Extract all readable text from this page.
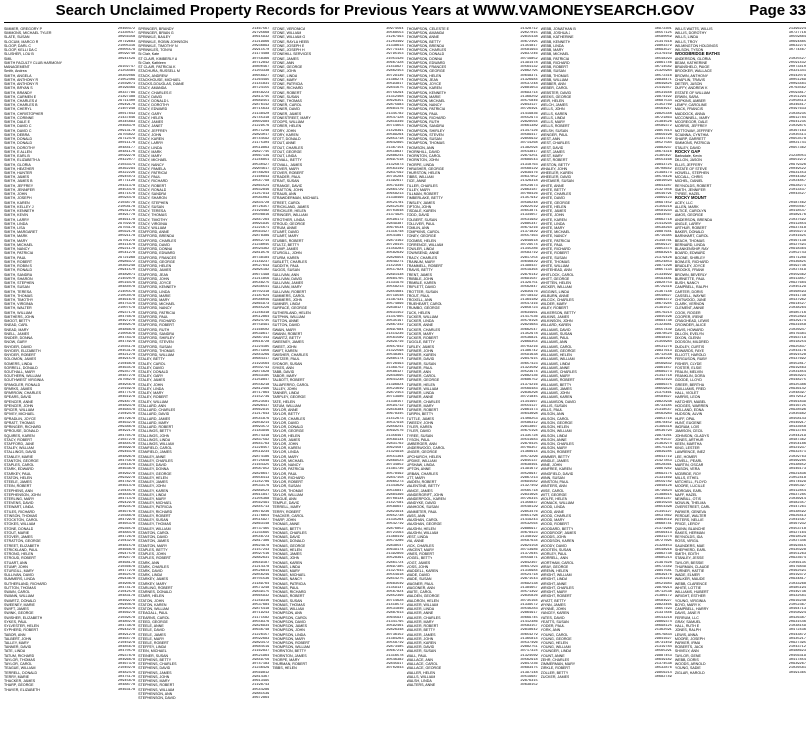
Search Unclaimed Property Records for Previous Years at WWW.VAMONEYSEARCH.GOV	Page 33
SIMMER, GREGORY P	20460372
SIMMONS, MICHAEL TYLER	21330547
SLATE, SUSAN	30956358
SLOCUM, MARCO R	20719683
SLOOP, DARL C	21005316
SLOOP, KELLI DA C	20005578
SLUSHER, LOU B	30599748
SMIL	30941529
SMITH FACULTY CLUB HARMONY
MANAGEMENT	29102747
Smith, Andrea	21258484
SMITH, ANGELA	30302066
SMITH, ANTHONY R	21052409
SMITH, ANTHONY R	21039071
SMITH, BRYAN S	30196469
SMITH, BRANDY	30337789
SMITH, CARMEN E	21397388
SMITH, CHARLES A	29711400
SMITH, CHARLES B	20949178
SMITH, CHERYL	21407948
SMITH, CHRISTOPHER	30017843
SMITH, CORINNE	21437846
SMITH, DALE E	30345893
SMITH, DAVID C	20468370
SMITH, DAVID C	20913178
SMITH, DEBRA	29703822
SMITH, DONALD	29712478
SMITH, DONALD	30011178
SMITH, DOROTHY	30484177
SMITH, E ALLEN	30481176
SMITH, EARL B	30599278
SMITH, ELIZABETH A	20422077
SMITH, GLORIA	21033374
SMITH, HEATHER	30362294
SMITH, HUNTER	30322226
SMITH, JAMES	20945073
SMITH, JAMES B	30771128
SMITH, JEFFREY	20431378
SMITH, JENNIFER	30454478
SMITH, JOHN	30471578
SMITH, JOSEPH	30594478
SMITH, KAREN	21038778
SMITH, KELLEY J	21058178
SMITH, KENNETH	20931276
SMITH, KEVIN	30491778
SMITH, LARRY	30461178
SMITH, LINDA	29702978
SMITH, LISA	29703178
SMITH, MARGARET	30562178
SMITH, MARK	30591178
SMITH, MARY	29701278
SMITH, MICHAEL	30411878
SMITH, NANCY	20921178
SMITH, PATRICIA	30541278
SMITH, PAUL	29721968
SMITH, ROBERT	20986372
SMITH, ROBIN S	30365248
SMITH, RONALD	20941570
SMITH, SANDRA	30489071
SMITH, SHARON	21402070
SMITH, STEPHEN	30516478
SMITH, SUSAN	30484078
SMITH, TERESA	21405578
SMITH, THOMAS	21054078
SMITH, TIMOTHY	30461678
SMITH, VIRGINIA	30475378
SMITH, WALTER	21007578
SMITH, WILLIAM	20937178
SMITHERS, JOHN	30476878
SMOOT, BETTY	30497278
SNEAD, CARL	30469578
SNEAD, MARY	30486878
SNELL, JAMES	21005878
SNIDER, DONNA	30478378
SNOW, GARY	30474978
SNYDER, DAVID	21035178
SNYDER, ELIZABETH	20453178
SNYDER, ROBERT	30421278
SOLOMON, JAMES	30491578
SOMERS, LINDA	21046878
SORRELL, DONALD	30463578
SOUTHALL, MARY	20935778
SOUTHERN, WILLIAM	30487278
SOUTHWEST VIRGINIA	29708278
SPANGLER, RONALD	30495678
SPARKS, JAMES	21016978
SPARROW, CHARLES	30477578
SPEARS, DAVID	30461978
SPENCER, ANNE	20948778
SPENCER, JOHN	30489378
SPICER, WILLIAM	30468478
SPIVEY, MICHAEL	21049478
SPRADLIN, JOYCE	30479678
SPRATT, THOMAS	30463278
SPRINGER, RICHARD	20938878
SPROUSE, DONALD	30492178
SQUIRES, KAREN	30476578
STACY, ROBERT	21037278
STAFFORD, JANE	30484578
STALEY, WILLIAM	30469978
STALLINGS, DAVID	20946378
STANLEY, MARIE	30489678
STANTON, GEORGE	30475878
STAPLES, CAROL	21041878
STARK, EDWARD	30463878
STARKEY, PAUL	30496278
STATON, HELEN	20939278
STEELE, JAMES	30478278
STEIN, ROBERT	30461478
STEPHENS, ANN	21044578
STEPHENSON, JOHN	30484878
STERLING, MARY	30471478
STEVENS, DAVID	20942978
STEWART, LINDA	30493578
STILES, RICHARD	30467678
STINSON, THOMAS	21038878
STOCKTON, CAROL	30479978
STOKES, WILLIAM	30465378
STONE, DONALD	20936578
STOUT, MARIE	30488478
STOVER, JAMES	30472678
STRATTON, GEORGE	21043278
STREET, ELIZABETH	30481578
STRICKLAND, PAUL	30466878
STRONG, HELEN	20947578
STROUD, ROBERT	30494778
STUART, ANN	30468178
STUMP, JOHN	21036678
STURGILL, MARY	30477278
SULLIVAN, DAVID	30462578
SUMMERS, LINDA	20943678
SUTHERLAND, RICHARD	30490878
SUTTON, THOMAS	30474178
SWAIN, CAROL	21042578
SWANN, WILLIAM	30483178
SWARTZ, DONALD	30469278
SWEENEY, MARIE	20940878
SWIFT, JAMES	30495478
SWINK, GEORGE	30466278
SWISHER, ELIZABETH	21039578
SYKES, PAUL	30480278
SYLVESTER, HELEN	30473878
SYPHERD, ROBERT	20944278
TABOR, ANN	30491278
TALBERT, JOHN	30464778
TALLEY, MARY	21045978
TANNER, DAVID	30485678
TATE, LINDA	30470578
TATUM, RICHARD	20937878
TAYLOR, THOMAS	30496878
TAYLOR, CAROL	30467378
TEAGUE, WILLIAM	21040278
TERRELL, DONALD	30482478
TERRY, MARIE	30475178
THACKER, JAMES	20945878
THARP, GEORGE	30488778
THAYER, ELIZABETH	30463178
SPRINGER, BRANDY	21467567
SPRINGER, BRIAN G	29795668
SPRINKLE, BAILEY	30615932
SPRINKLE, ROBIN JOHNSON	21219966
SPRINKLE, TIMOTHY N	20936893
SPRINKLES, TONYA	29911570
St Clair, Kate	21174488
ST CLAIR, KIMBERLY A	30758366
St Clair, Kathleen	30712842
ST CLAIR, PATRICIA K	30800467
STACHURA, RUSSELL M	21203338
STACK, ANDREW	30656927
STACKHOUSE, MICHAEL	21264495
STACKS-DOUGLAS, DIANE	21141831
STACY, AMANDA	30724155
STACY, CHARLES E	30458223
STACY, DAVID	29813745
STACY, DONALD L	30689451
STACY, DOROTHY	29876142
STACY, EDWARD	30715633
STACY, GARY	21138420
STACY, HELEN	29745318
STACY, JAMES	30602984
STACY, JANET	21229576
STACY, JEFFREY	30571248
STACY, JOHN	29893017
STACY, KAREN	30744592
STACY, LARRY	21175304
STACY, LINDA	30519863
STACY, MARK	29827745
STACY, MARY	30667139
STACY, MICHAEL	21246851
STACY, NANCY	30530427
STACY, PAMELA	29904617
STACY, PATRICIA	30788264
STACY, PAUL	21160943
STACY, RICHARD	30547798
STACY, ROBERT	29861524
STACY, RONALD	30632846
STACY, SANDRA	21257913
STACY, SHARON	30581063
STACY, STEPHEN	29834728
STACY, SUSAN	30726357
STACY, TERESA	21194482
STACY, THOMAS	30508816
STACY, TIMOTHY	29847264
STACY, VIRGINIA	30691935
STACY, WILLIAM	21221671
STAFFORD, ANNE	30563427
STAFFORD, BRENDA	29878389
STAFFORD, CHARLES	30652714
STAFFORD, DAVID	21238045
STAFFORD, DONNA	30594362
STAFFORD, EDWARD	29819576
STAFFORD, FRANCES	30738184
STAFFORD, GEORGE	21149237
STAFFORD, HELEN	30527643
STAFFORD, JAMES	29895182
STAFFORD, JEAN	30671498
STAFFORD, JOHN	21211856
STAFFORD, JOYCE	30548275
STAFFORD, KENNETH	29836541
STAFFORD, LINDA	30702318
STAFFORD, MARIE	21187624
STAFFORD, MARY	30586049
STAFFORD, MICHAEL	29861973
STAFFORD, NANCY	30645226
STAFFORD, PATRICIA	21246318
STAFFORD, PAUL	30512864
STAFFORD, RICHARD	29824735
STAFFORD, ROBERT	30759491
STAFFORD, RUTH	21168502
STAFFORD, SANDRA	30539617
STAFFORD, SHIRLEY	29887343
STAFFORD, STEVEN	30618728
STAFFORD, SUSAN	21224185
STAFFORD, THOMAS	30571956
STAFFORD, WILLIAM	29843269
STALEY, BETTY	30684317
STALEY, CAROL	21193564
STALEY, DAVID	30502743
STALEY, DONALD	29871628
STALEY, GARY	30633185
STALEY, JAMES	21259847
STALEY, JOHN	30556218
STALEY, LINDA	29812496
STALEY, MARY	30717864
STALEY, ROBERT	21152739
STALEY, WILLIAM	30523581
STALLARD, ANN	29896437
STALLARD, CHARLES	30662915
STALLARD, DAVID	21217643
STALLARD, JAMES	30541876
STALLARD, MARY	29858214
STALLARD, ROBERT	30693572
STALLINGS, BETTY	21183946
STALLINGS, JOHN	30574318
STALLINGS, LINDA	29837592
STALLINGS, WILLIAM	30641763
STANFIELD, CAROL	21228457
STANFIELD, JAMES	30519234
STANLEY, ANNE	29874186
STANLEY, CHARLES	30725648
STANLEY, DAVID	21164325
STANLEY, DONNA	30587952
STANLEY, GEORGE	29828647
STANLEY, HELEN	30656413
STANLEY, JAMES	21242789
STANLEY, JOHN	30533176
STANLEY, KAREN	29889524
STANLEY, LINDA	30611847
STANLEY, MARY	21205368
STANLEY, MICHAEL	30562491
STANLEY, PATRICIA	29845713
STANLEY, RICHARD	30678236
STANLEY, ROBERT	21176854
STANLEY, SUSAN	30515927
STANLEY, THOMAS	29863148
STANLEY, WILLIAM	30737465
STANTON, CAROL	21231695
STANTON, DAVID	30548723
STANTON, JAMES	29817386
STANTON, MARY	30624978
STAPLES, BETTY	21157243
STAPLES, JOHN	30597516
STAPLES, ROBERT	29882631
STARK, ANN	30649187
STARK, CHARLES	21214378
STARK, DAVID	30526814
STARK, LINDA	29856249
STARKEY, JAMES	30701536
STARKEY, MARY	21189764
STARLING, ROBERT	30573248
STARNES, DONALD	29839175
STARR, HELEN	30665932
STATON, JOHN	21249316
STATON, KAREN	30537684
STATON, WILLIAM	29875418
STEAGALL, PAUL	30719243
STEARNS, CAROL	21171582
STEED, GEORGE	30558376
STEELE, ANNE	29826934
STEELE, DAVID	30636748
STEELE, JAMES	21226157
STEELE, MARY	30592683
STEELE, ROBERT	29893472
STEFFEY, LINDA	30684519
STEIN, MICHAEL	21162837
STEINER, SUSAN	30521964
STEPHENS, BETTY	29849756
STEPHENS, CHARLES	30747183
STEPHENS, DAVID	21236429
STEPHENS, JAMES	30569812
STEPHENS, JOHN	29814367
STEPHENS, MARY	30613495
STEPHENS, ROBERT	21198743
STEPHENS, WILLIAM	30544286
STEPHENSON, ANN	29881539
STEPHENSON, DAVID	30672864
STONE, VERONICA	30974564
STONE, WILLIAM	30568553
STONE, WILLIAM G	21267493
STONE, RAYLA HEEB	21203499
STONE, JOSEPH E	21338613
STONE, JOSEPH H	29774133
STONEHILL SERVICES	29795153
STONE, JAMES	21051426
STONE, ANN	30667328
STONE, GEORGE	21419627
STONE, JOHN	29862453
STONE, LINDA	30729136
STONE, MARY	21386274
STONE, PATRICIA	30593817
STONE, RICHARD	29841675
STONE, ROBERT	30758294
STONE, SUSAN	21312468
STONE, THOMAS	30626351
STONER, CAROL	29875983
STONER, DAVID	30681476
STONER, JAMES	21345782
STONESTREET, MARY	30547128
STOOPS, WILLIAM	29819346
STORER, HELEN	30714653
STORY, JOHN	21428391
STORY, KAREN	30589264
STOTT, DONALD	29853718
STOUT, ANNE	30642895
STOUT, CHARLES	21367154
STOUT, GEORGE	30518637
STOUT, LINDA	29886241
STOVALL, BETTY	30697518
STOVALL, JAMES	21325873
STOVER, MARY	30563149
STOVER, ROBERT	29837592
STRADER, PAUL	30735284
STRAIT, SUSAN	21392617
STRANGE, DAVID	30579346
STRATTON, JOHN	29864729
STRAUB, ANN	30658213
STRAWDERMAN, MICHAEL	21338496
STREET, CAROL	30524781
STRICKLAND, JAMES	29812536
STRICKLER, HELEN	30703648
STRINGER, WILLIAM	21374925
STROTHER, LINDA	30596172
STROUD, GEORGE	29849387
STRUM, ANNE	30676534
STUART, DAVID	21316748
STUART, MARY	30541897
STUBBS, ROBERT	29873162
STULTZ, BETTY	30728415
STUMP, JAMES	21359283
STURGILL, JOHN	30582639
STURM, KAREN	29826954
SUBLETT, CHARLES	30649271
SUDDITH, PAUL	21423567
SUGGS, SUSAN	30517824
SULLIVAN, ANN	29891438
SULLIVAN, DAVID	30684765
SULLIVAN, JAMES	21331976
SULLIVAN, MARY	30558213
SULLIVAN, ROBERT	29854681
SUMMERS, CAROL	30719548
SUMMERS, JOHN	21387431
SUMNER, LINDA	30574896
SURFACE, GEORGE	29838127
SUTHERLAND, HELEN	30631452
SUTPHIN, WILLIAM	21347865
SUTTON, ANNE	30535197
SUTTON, DAVID	29867342
SWAIN, MARY	30697684
SWANN, ROBERT	21414236
SWARTZ, BETTY	30561589
SWEENEY, JAMES	29829716
SWEET, JOHN	30657842
SWIFT, KAREN	21322598
SWISHER, CHARLES	30548361
SWITZER, PAUL	29885174
SYDNOR, SUSAN	30726493
SYKES, ANN	21369752
TABB, DAVID	30586127
TABOR, MARY	29843695
TALBOTT, ROBERT	30641238
TALIAFERRO, CAROL	21396824
TALLEY, JOHN	30523649
TANNER, LINDA	29872453
TARPLEY, GEORGE	30713986
TATE, HELEN	21338157
TATUM, WILLIAM	30594712
TAYLOR, ANNE	29816384
TAYLOR, BETTY	30678345
TAYLOR, CHARLES	21412673
TAYLOR, DAVID	30537918
TAYLOR, DONALD	29858241
TAYLOR, GEORGE	30692576
TAYLOR, HELEN	21356497
TAYLOR, JAMES	30569134
TAYLOR, JOHN	29831762
TAYLOR, KAREN	30624587
TAYLOR, LINDA	21324918
TAYLOR, MARY	30551364
TAYLOR, MICHAEL	29869523
TAYLOR, NANCY	30734852
TAYLOR, PATRICIA	21381736
TAYLOR, PAUL	30578492
TAYLOR, RICHARD	29847158
TAYLOR, ROBERT	30665273
TAYLOR, SUSAN	21343629
TAYLOR, THOMAS	30516847
TAYLOR, WILLIAM	29884396
TEAGUE, ANN	30708134
TEMPLE, DAVID	21427581
TERRELL, MARY	30589647
TERRY, ROBERT	29823914
THACKER, CAROL	30652738
THARP, JOHN	21335264
THOMAS, ANNE	30542719
THOMAS, BETTY	29876852
THOMAS, CHARLES	30721563
THOMAS, DAVID	21368419
THOMAS, DONALD	30573286
THOMAS, GEORGE	29838547
THOMAS, HELEN	30639174
THOMAS, JAMES	21392856
THOMAS, JOHN	30528391
THOMAS, KAREN	29861724
THOMAS, LINDA	30697385
THOMAS, MARY	21327643
THOMAS, MICHAEL	30554918
THOMAS, NANCY	29814275
THOMAS, PATRICIA	30683549
THOMAS, PAUL	21359137
THOMAS, RICHARD	30567824
THOMAS, ROBERT	29852396
THOMAS, SUSAN	30714628
THOMAS, THOMAS	21418572
THOMAS, WILLIAM	30531846
THOMPSON, ANN	29887613
THOMPSON, CAROL	30645937
THOMPSON, DAVID	21341795
THOMPSON, JAMES	30592461
THOMPSON, JOHN	29826348
THOMPSON, LINDA	30736152
THOMPSON, MARY	21384263
THOMPSON, ROBERT	30558719
THOMPSON, WILLIAM	29873485
THORNTON, BETTY	30667214
THORNTON, JAMES	21316578
THORPE, MARY	30546382
THURMAN, ROBERT	29845917
TIBBS, HELEN	30702843
THOMPSON, CELESTE E	21428712
THOMPSON, AMANDA	29027015
THOMPSON, ANNE	29815438
THOMPSON, BETTY	30672495
THOMPSON, BRENDA	21354817
THOMPSON, CHARLES	30581963
THOMPSON, DONALD	29837246
THOMPSON, DONNA	30719852
THOMPSON, EDWARD	21391478
THOMPSON, FRANCES	30564132
THOMPSON, GEORGE	29862795
THOMPSON, HELEN	30648371
THOMPSON, JEAN	21326984
THOMPSON, JOYCE	30537248
THOMPSON, KAREN	29881653
THOMPSON, KENNETH	30693714
THOMPSON, MARIE	21368259
THOMPSON, MICHAEL	30575846
THOMPSON, NANCY	29843127
THOMPSON, PATRICIA	30726491
THOMPSON, PAUL	21419836
THOMPSON, RICHARD	30552973
THOMPSON, RUTH	29828564
THOMPSON, SANDRA	30661389
THOMPSON, SHIRLEY	21347126
THOMPSON, STEVEN	30589417
THOMPSON, SUSAN	29856932
THOMPSON, THOMAS	30714268
THOMSON, ANN	21382594
THORNHILL, DAVID	30543817
THORNTON, CAROL	29874251
THORNTON, JOHN	30689543
THORPE, LINDA	21318763
THRASHER, GEORGE	30568129
THURSTON, HELEN	29839476
TIBBS, WILLIAM	30637852
TICE, ANNE	21426318
TILLER, CHARLES	30524673
TILLEY, MARY	29863187
TILLMAN, ROBERT	30708426
TIMBERLAKE, BETTY	21357942
TINSLEY, JAMES	30596248
TIPTON, JOHN	29822519
TISDALE, KAREN	30653871
TODD, DAVID	21334657
TOLBERT, SUSAN	30531982
TOLLIVER, PAUL	29885347
TOMLIN, ANN	30674216
TOMPKINS, CAROL	21371829
TONEY, GEORGE	30557463
TOOMBS, HELEN	29849618
TORRENCE, WILLIAM	30729574
TOWLER, LINDA	21345286
TOWNSEND, ANNE	30583719
TRACY, CHARLES	29817254
TRAINUM, MARY	30646829
TRAMMELL, ROBERT	21398437
TRAVIS, BETTY	30519364
TRENT, JAMES	29876142
TRIBBLE, JOHN	30691587
TRIMBLE, KAREN	21329751
TRIPLETT, DAVID	30562847
TROTTER, SUSAN	29835976
TROUT, PAUL	30718432
TROXELL, ANN	21364189
TRUEHEART, CAROL	30547316
TRUMBO, GEORGE	29858723
TUCK, HELEN	30634961
TUCKER, WILLIAM	21417536
TUCKER, LINDA	30578194
TUCKER, ANNE	29824683
TUCKER, CHARLES	30662547
TUCKER, MARY	21352978
TUCKER, ROBERT	30536821
TUGGLE, BETTY	29869354
TURLEY, JAMES	30703216
TURNER, JOHN	21386742
TURNER, KAREN	30591638
TURNER, DAVID	29847915
TURNER, SUSAN	30657423
TURNER, PAUL	21323589
TURNER, ANN	30523974
TURNER, CAROL	29882136
TURNER, GEORGE	30686752
TURNER, HELEN	21374216
TURNER, WILLIAM	30569483
TURNER, LINDA	29836298
TURNER, ANNE	30721845
TURNER, CHARLES	21341967
TURNER, MARY	30554127
TURNER, ROBERT	29861473
TURPIN, BETTY	30643698
TUTTLE, JAMES	21408253
TWEEDY, JOHN	30586312
TYLER, KAREN	29813867
TYLER, DAVID	30675194
TYREE, SUSAN	21335728
TYSON, PAUL	30541683
UMBERGER, ANN	29878425
UNDERWOOD, CAROL	30709357
UNGER, GEORGE	21368914
UPCHURCH, HELEN	30573296
UPDIKE, WILLIAM	29845137
UPSHAW, LINDA	30638461
UPTON, ANNE	21391672
URBAN, CHARLES	30528947
UTT, MARY	29867213
VAIDEN, ROBERT	30694582
VALENTINE, BETTY	21327459
VANCE, JAMES	30565718
VANDERGRIFT, JOHN	29831694
VANDERPOOL, KAREN	30726315
VANDYKE, DAVID	21356837
VANHOOK, SUSAN	30548129
VANMETER, PAUL	29853476
VASS, ANN	30651798
VAUGHAN, CAROL	21419243
VAUGHAN, GEORGE	30532564
VAUGHN, HELEN	29886917
VAUGHN, WILLIAM	30678423
VEST, LINDA	21348192
VIA, ANNE	30587634
VICK, CHARLES	29824158
VINCENT, MARY	30713986
VINES, ROBERT	21372645
VOGEL, BETTY	30559871
VOGT, JAMES	29842367
VOSS, JOHN	30647293
WADDELL, KAREN	21316984
WADE, DAVID	30524718
WADE, SUSAN	29871543
WAGNER, PAUL	30692138
WAGONER, ANN	21384657
WAITE, CAROL	30571392
WALDEN, GEORGE	29835826
WALDRON, HELEN	30735164
WALKER, WILLIAM	21339572
WALKER, LINDA	30546283
WALKER, ANNE	29864917
WALKER, CHARLES	30669745
WALKER, MARY	21412386
WALKER, ROBERT	30583157
WALKER, BETTY	29818642
WALKER, JAMES	30654279
WALKER, JOHN	21365814
WALKER, KAREN	30537496
WALKER, DAVID	29882751
WALKER, SUSAN	30717324
WALL, PAUL	21324569
WALLACE, ANN	30562918
WALLACE, CAROL	29847236
WALLACE, GEORGE	30683475
WALLER, HELEN	21397148
WALLS, WILLIAM	30519687
WALSH, LINDA	29876315
WALTERS, ANNE	30638152
WEBB, JONATHAN B	30972301
WEBB, JOSHUA J	30557125
WEBB, KATHERINE	30580059
WEBB, KENNETH	21347618
WEBB, LINDA	29803379
WEBB, MARY	30693527
WEBB, MICHAEL	21376159
WEBB, PATRICIA	30548293
WEBB, RICHARD	29861746
WEBB, ROBERT	30714582
WEBB, SUSAN	21325984
WEBB, THOMAS	30572316
WEBB, WILLIAM	29838471
WEBBER, ANN	30649825
WEBER, CAROL	21419357
WEBSTER, DAVID	30531648
WEEKS, GEORGE	29874192
WEIR, HELEN	30687534
WELCH, JAMES	21352769
WELLS, JOHN	30564917
WELLS, KAREN	29825348
WELLS, LINDA	30721863
WELLS, MARY	21384526
WELLS, ROBERT	30589372
WELSH, SUSAN	29857614
WENGER, PAUL	30656198
WEST, ANN	21331742
WEST, CHARLES	30527584
WEST, DAVID	29882937
WEST, JAMES	30674316
WEST, MARY	21365497
WEST, ROBERT	30553168
WESTON, BETTY	29843725
WHALEY, JOHN	30708642
WHEELER, KAREN	21398173
WHEELER, DAVID	30578426
WHITAKER, SUSAN	29816594
WHITE, ANNE	30643287
WHITE, BETTY	21327856
WHITE, CHARLES	30546791
WHITE, DAVID	29869123
WHITE, GEORGE	30697452
WHITE, HELEN	21356218
WHITE, JAMES	30581934
WHITE, JOHN	29834567
WHITE, KAREN	30662718
WHITE, LINDA	21412935
WHITE, MARY	30538264
WHITE, MICHAEL	29887641
WHITE, NANCY	30716385
WHITE, PATRICIA	21348761
WHITE, PAUL	30569127
WHITE, RICHARD	29852374
WHITE, ROBERT	30683915
WHITE, SUSAN	21379426
WHITE, THOMAS	30524853
WHITE, WILLIAM	29871298
WHITEHEAD, ANN	30657134
WHITLOCK, CAROL	21334692
WHITT, GEORGE	30593481
WHITTEN, HELEN	29828753
WICKER, WILLIAM	30729316
WIGGINS, LINDA	21367148
WILBURN, ANNE	30548627
WILCOX, CHARLES	29864372
WILDER, MARY	30671945
WILEY, ROBERT	21391527
WILKERSON, BETTY	30576214
WILKINS, JAMES	29845196
WILKINSON, JOHN	30694738
WILLARD, KAREN	21323681
WILLIAMS, DAVID	30557439
WILLIAMS, SUSAN	29878524
WILLIAMS, PAUL	30648167
WILLIAMS, ANN	21356984
WILLIAMS, CAROL	30531276
WILLIAMS, GEORGE	29837613
WILLIAMS, HELEN	30712548
WILLIAMS, WILLIAM	21384295
WILLIAMS, LINDA	30569832
WILLIAMS, ANNE	29861457
WILLIAMS, CHARLES	30686273
WILLIAMS, MARY	21342718
WILLIAMS, ROBERT	30542193
WILLIAMS, BETTY	29886375
WILLIAMS, JAMES	30659824
WILLIAMS, JOHN	21375461
WILLIAMS, KAREN	30584627
WILLIAMSON, DAVID	29822938
WILLIS, SUSAN	30733185
WILLS, PAUL	21318547
WILSON, ANN	30562983
WILSON, CAROL	29853716
WILSON, GEORGE	30678452
WILSON, HELEN	21396318
WILSON, WILLIAM	30536794
WILSON, LINDA	29874261
WILSON, ANNE	30701537
WILSON, CHARLES	21362974
WILSON, MARY	30575148
WILSON, ROBERT	29839285
WIMMER, BETTY	30643719
WINDLE, JAMES	21427853
WINE, JOHN	30528361
WINFREE, KAREN	29867942
WINGFIELD, DAVID	30692175
WINN, SUSAN	21331469
WINSTON, PAUL	30559782
WINTERS, ANN	29848126
WISE, CAROL	30716824
WITT, GEORGE	21388615
WOLFE, HELEN	30581247
WOMACK, WILLIAM	29815934
WOOD, LINDA	30654398
WOOD, ANNE	21345127
WOOD, CHARLES	30537862
WOOD, MARY	29883519
WOOD, ROBERT	30668741
WOODARD, BETTY	21371986
WOODROOF, JAMES	30566413
WOODS, JOHN	29831274
WOODSON, KAREN	30727695
WOODY, DAVID	21328453
WOOTEN, SUSAN	30548916
WORLEY, PAUL	29862738
WORRELL, ANN	30685214
WORTHAM, CAROL	21397628
WRAY, GEORGE	30572349
WRENN, HELEN	29847581
WRIGHT, WILLIAM	30639476
WRIGHT, LINDA	21354219
WRIGHT, ANNE	30521683
WRIGHT, CHARLES	29876914
WRIGHT, MARY	30712538
WRIGHT, ROBERT	21386172
WYATT, BETTY	30584927
WYNN, JAMES	29823465
WYNNE, JOHN	30657193
YANCEY, KAREN	21337846
YATES, DAVID	30543218
YEATTS, SUSAN	29869374
YODER, PAUL	30698125
YORK, ANN	21362591
YOUNG, CAROL	30576834
YOUNG, GEORGE	29841627
YOUNG, HELEN	30731459
YOUNG, WILLIAM	21319784
YOUNGER, LINDA	30565291
YOUNT, ANNE	29887453
ZEHR, CHARLES	30649182
ZIMMERMAN, MARY	21374538
ZIRKLE, ROBERT	30532876
ZOLLER, BETTY	29856214
ZUCKER, JAMES	30682749
WILLS WATTS, WILLIS	21396224
WILLIS, DOROTHY	30727716
WILLS, LINDA	30559884
WILLS, TROY	30694885
WILMINGTON HOLDINGS	30632274
WILSON, TYSON	30774467
WOODBRIDGE BATHS
ANDERSON, GLORIA	21025527
BEAM, KATHERINE	20591432
BRANSHELD, PAIGE	20073410
BROOKER, WALLACE	20321341
BROWN, ANTHONY	20442079
CHAPLIN, TRAVIS	30051269
DIETER, JASON	20093481
DUFFY, ANDREW K	20763562
ESTATE OF WILLIAM	20593817
ERWIN, SARA	20151294
HOPKINS, AMBER	21058513
LEMPY, CAROLINE	30346417
MACK, FRANCIS	20497633
MADDOCK, ANNA	21028235
MCCONNELL, MARY	30612784
MCGREGOR, DALE	20941235
MORRIS, JEFFREY	21029875
NOTTOWAY, JEFFREY	30367163
SCIANNA, CYNTHIA	21035511
SHARP, GARRETT	20953578
SIMMONS, PATRICIA	30021741
STALEY, DAVID	20957362
ROCKY GAP
Barksdale, Kevin	21228051
DILLON, JASON	30951972
ELLIS, JEFFERY	20979326
ESTATE OF STEVE	20049522
HOWELL, STEPHEN	20931453
MCCALL, CHRIS	20044382
MICHEL, DANIEL	21024857
REYNOLDS, ROBERT	20928271
SMITH, JENNIFER	21013437
TYREE, HAZEL	20043527
ROCKY MOUNT
ACEY, LLC	20487462
ALLEN, MARK	20050467
ALTICE, CAROLYN	30418547
AMOS, GEORGE	30489176
ANDERSON, BRENDA	21037592
ANGLE, LARRY	20412854
ARTHUR, ROBERT	20937418
BAKER, DONALD	30456273
BARNHART, CAROL	21041625
BEACH, THOMAS	20467138
BERNARD, LINDA	30427591
BLANKENSHIP, RAY	20918364
BOARD, EDWARD	21052743
BOONE, SHIRLEY	30471289
BOWLES, RICHARD	20436825
BRADLEY, JOYCE	30492736
BROOKS, FRANK	21027419
BROWN, BEVERLY	20459362
BURNETTE, PAUL	30413857
BUSH, NANCY	20927684
CAMPBELL, RALPH	21045129
CARTER, DORIS	30468593
CASSELL, WAYNE	20441738
CHITWOOD, JUNE	30437962
CLARK, VERNON	20914527
CLEMENT, ANNIE	21038264
COOK, ROGER	30485716
COOPER, IRENE	20452893
CRAIGHEAD, LEWIS	30429174
CROWDER, ALICE	20931658
DAVIS, HOWARD	21026947
DILLON, EVELYN	30476381
DIXON, GLENN	20463719
DODSON, MILDRED	30418254
DUDLEY, CURTIS	20925837
EDWARDS, FAYE	21043176
ELLIOTT, HAROLD	30491528
FERGUSON, RUBY	20437692
FISHER, CLYDE	30452817
FOSTER, ELSIE	20919463
FRALIN, MELVIN	21031854
FRANKLIN, DORA	30463921
GOODE, LLOYD	20448275
GREER, BERTHA	30425386
GUILLIAMS, FRED	20936142
HALL, VIOLET	21048397
HARRIS, LEON	30479512
HATCHER, MABEL	20461839
HODGES, WARREN	30416725
HOLLAND, EDNA	20928596
HUDSON, ALVIN	21035682
HUFF, OPAL	30458143
HUNT, EUGENE	20446917
INGRAM, LOIS	30433658
JAMISON, CECIL	20913784
JOHNSON, GLADYS	21044219
JONES, ARTHUR	30487362
KEEN, MARTHA	20454186
KING, LESTER	30421937
LAWRENCE, INEZ	20932471
LEE, HOMER	21029763
LOVELL, PEARL	30469285
MARTIN, OSCAR	20438652
MASON, VERA	30446173
MCBRIDE, ROY	20921836
MILLS, ETHEL	21052418
MITCHELL, FLOYD	30474629
MOORE, LUCILLE	20465397
MORGAN, EARL	30412854
NAFF, HAZEL	20937285
NEWBILL, OTIS	21036914
NOWLIN, THELMA	30482357
OVERSTREET, CARL	20447261
PARKER, GENEVA	30438592
PERDUE, WALTER	20926413
PETERS, NELLIE	21041587
PRICE, LEROY	30467932
QUINN, BLANCHE	20453718
RAKES, HERMAN	30427164
REYNOLDS, IDA	20918529
ROSS, VIRGIL	21027346
SAUNDERS, MAE	30493615
SHEPHERD, EARL	20435928
SMITH, EDITH	30451263
STANLEY, JESSE	20923674
TAYLOR, BESSIE	21046135
THURMAN, CLAUDE	30476849
TURNER, HATTIE	20462591
WADE, ELMER	30419372
WALKER, MAUDE	20934817
WEBB, CLARENCE	21033268
WHITE, LOTTIE	30485194
WILLIAMS, HUBERT	20449736
WRIGHT, ESTHER	30432581
YOUNG, VIRGINIA	20916248
BOYD, MARY K	21052367
CAMPBELL, HARRY	30464713
DAVIS, JANE R	20458924
FERRUM, LLC	30426387
GRAY, SAMUEL	20931546
HALL, RUTH E	21038159
JONES, RALPH	30472436
LEWIS, ANNA	20443872
MOORE, JOSEPH	30435217
PARKER, IRMA	20927395
ROBERTS, JACK	21043712
SHIVELY, ANN	30488623
TAYLOR, GENE	20456319
WEBB, DORIS	30417854
WOODS, ARNOLD	20939267
YOUNG, SADIE	21026581
ZIGLAR, HAROLD	30491365
